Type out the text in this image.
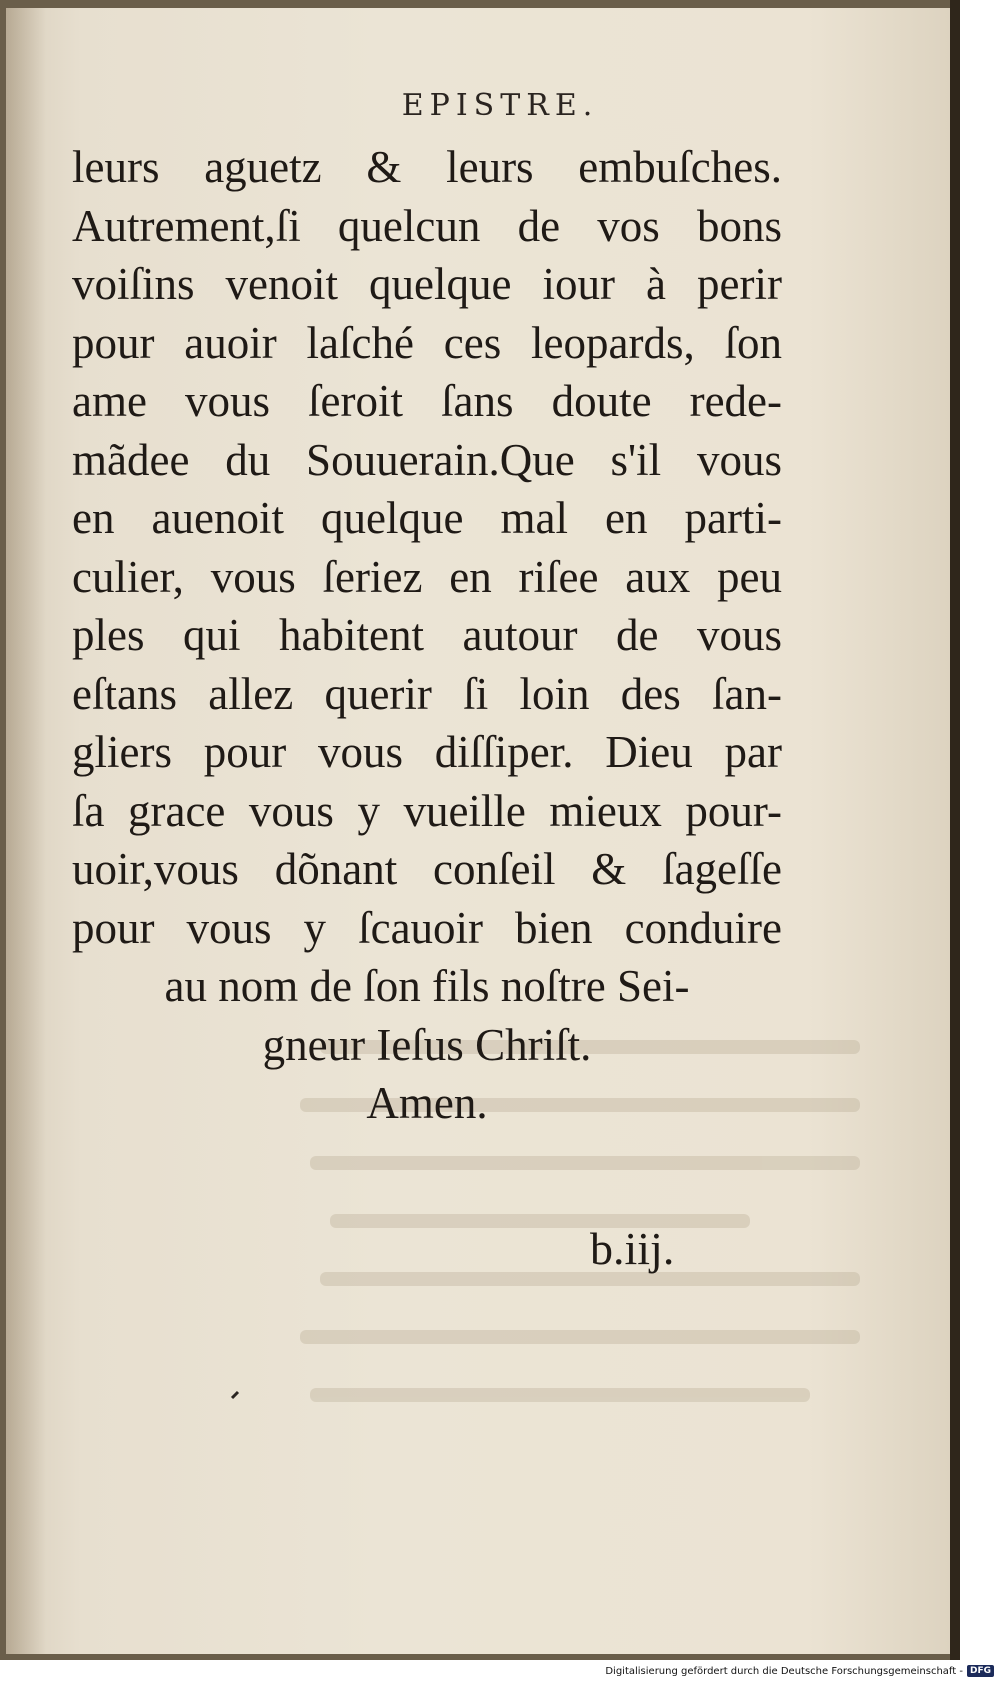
EPISTRE.
leurs aguetz & leurs embuſches.
Autrement,ſi quelcun de vos bons
voiſins venoit quelque iour à perir
pour auoir laſché ces leopards, ſon
ame vous ſeroit ſans doute rede-
mãdee du Souuerain.Que s'il vous
en auenoit quelque mal en parti-
culier, vous ſeriez en riſee aux peu
ples qui habitent autour de vous
eſtans allez querir ſi loin des ſan-
gliers pour vous diſſiper. Dieu par
ſa grace vous y vueille mieux pour-
uoir,vous dõnant conſeil & ſageſſe
pour vous y ſcauoir bien conduire
au nom de ſon fils noſtre Sei-
gneur Ieſus Chriſt.
Amen.
b.iij.
Digitalisierung gefördert durch die Deutsche Forschungsgemeinschaft - DFG
